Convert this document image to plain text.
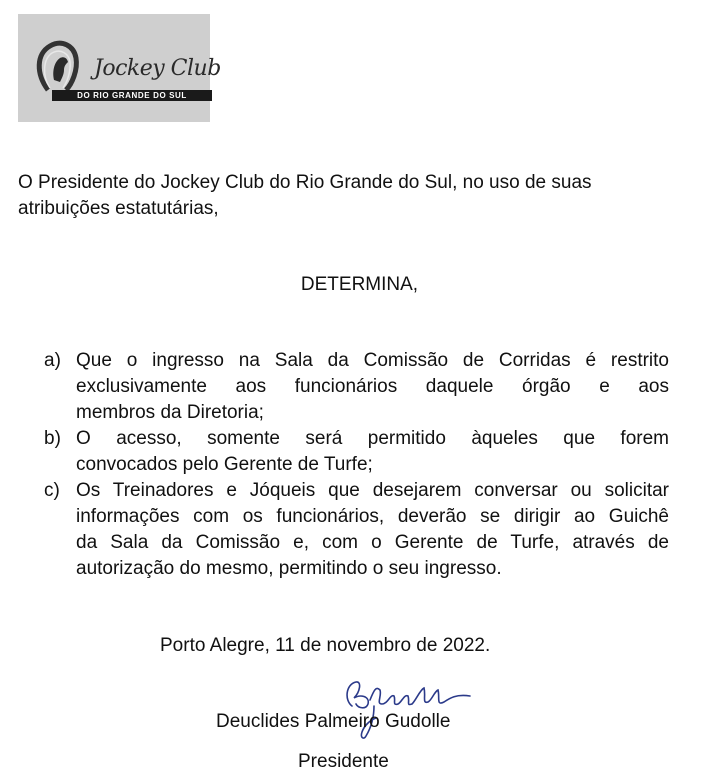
Jockey Club
DO RIO GRANDE DO SUL
O Presidente do Jockey Club do Rio Grande do Sul, no uso de suas
atribuições estatutárias,
DETERMINA,
a) Que o ingresso na Sala da Comissão de Corridas é restrito
exclusivamente aos funcionários daquele órgão e aos
membros da Diretoria;
b) O acesso, somente será permitido àqueles que forem
convocados pelo Gerente de Turfe;
c) Os Treinadores e Jóqueis que desejarem conversar ou solicitar
informações com os funcionários, deverão se dirigir ao Guichê
da Sala da Comissão e, com o Gerente de Turfe, através de
autorização do mesmo, permitindo o seu ingresso.
Porto Alegre, 11 de novembro de 2022.
Deuclides Palmeiro Gudolle
Presidente
